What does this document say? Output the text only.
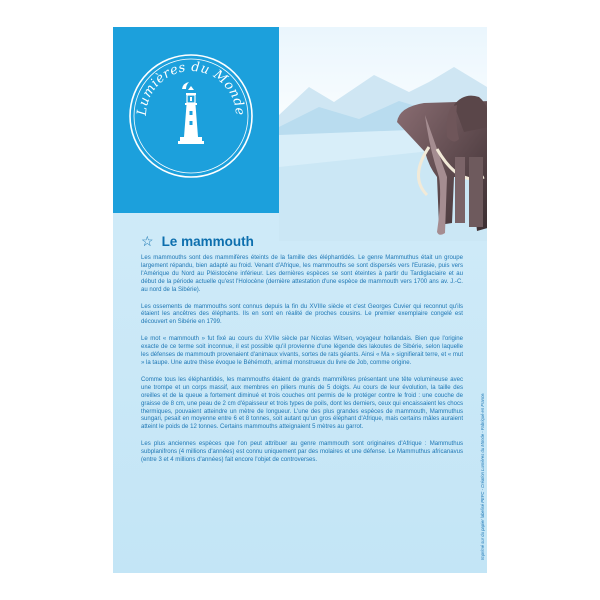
Lumières du Monde
☆ Le mammouth

Les mammouths sont des mammifères éteints de la famille des éléphantidés. Le genre Mammuthus était un groupe largement répandu, bien adapté au froid. Venant d'Afrique, les mammouths se sont dispersés vers l'Eurasie, puis vers l'Amérique du Nord au Pléistocène inférieur. Les dernières espèces se sont éteintes à partir du Tardiglaciaire et au début de la période actuelle qu'est l'Holocène (dernière attestation d'une espèce de mammouth vers 1700 ans av. J.-C. au nord de la Sibérie).

Les ossements de mammouths sont connus depuis la fin du XVIIIe siècle et c'est Georges Cuvier qui reconnut qu'ils étaient les ancêtres des éléphants. Ils en sont en réalité de proches cousins. Le premier exemplaire congelé est découvert en Sibérie en 1799.

Le mot « mammouth » fut fixé au cours du XVIIe siècle par Nicolas Witsen, voyageur hollandais. Bien que l'origine exacte de ce terme soit inconnue, il est possible qu'il provienne d'une légende des lakoutes de Sibérie, selon laquelle les défenses de mammouth provenaient d'animaux vivants, sortes de rats géants. Ainsi « Ma » signifierait terre, et « mut » la taupe. Une autre thèse évoque le Béhémoth, animal monstrueux du livre de Job, comme origine.

Comme tous les éléphantidés, les mammouths étaient de grands mammifères présentant une tête volumineuse avec une trompe et un corps massif, aux membres en piliers munis de 5 doigts. Au cours de leur évolution, la taille des oreilles et de la queue a fortement diminué et trois couches ont permis de le protéger contre le froid : une couche de graisse de 8 cm, une peau de 2 cm d'épaisseur et trois types de poils, dont les derniers, ceux qui encaissaient les chocs thermiques, pouvaient atteindre un mètre de longueur. L'une des plus grandes espèces de mammouth, Mammuthus sungari, pesait en moyenne entre 6 et 8 tonnes, soit autant qu'un gros éléphant d'Afrique, mais certains mâles auraient atteint le poids de 12 tonnes. Certains mammouths atteignaient 5 mètres au garrot.

Les plus anciennes espèces que l'on peut attribuer au genre mammouth sont originaires d'Afrique : Mammuthus subplanifrons (4 millions d'années) est connu uniquement par des molaires et une défense. Le Mammuthus africanavus (entre 3 et 4 millions d'années) fait encore l'objet de controverses.	Imprimé sur du papier labelisé PEFC - Création Lumières du Monde - Fabriqué en France.
